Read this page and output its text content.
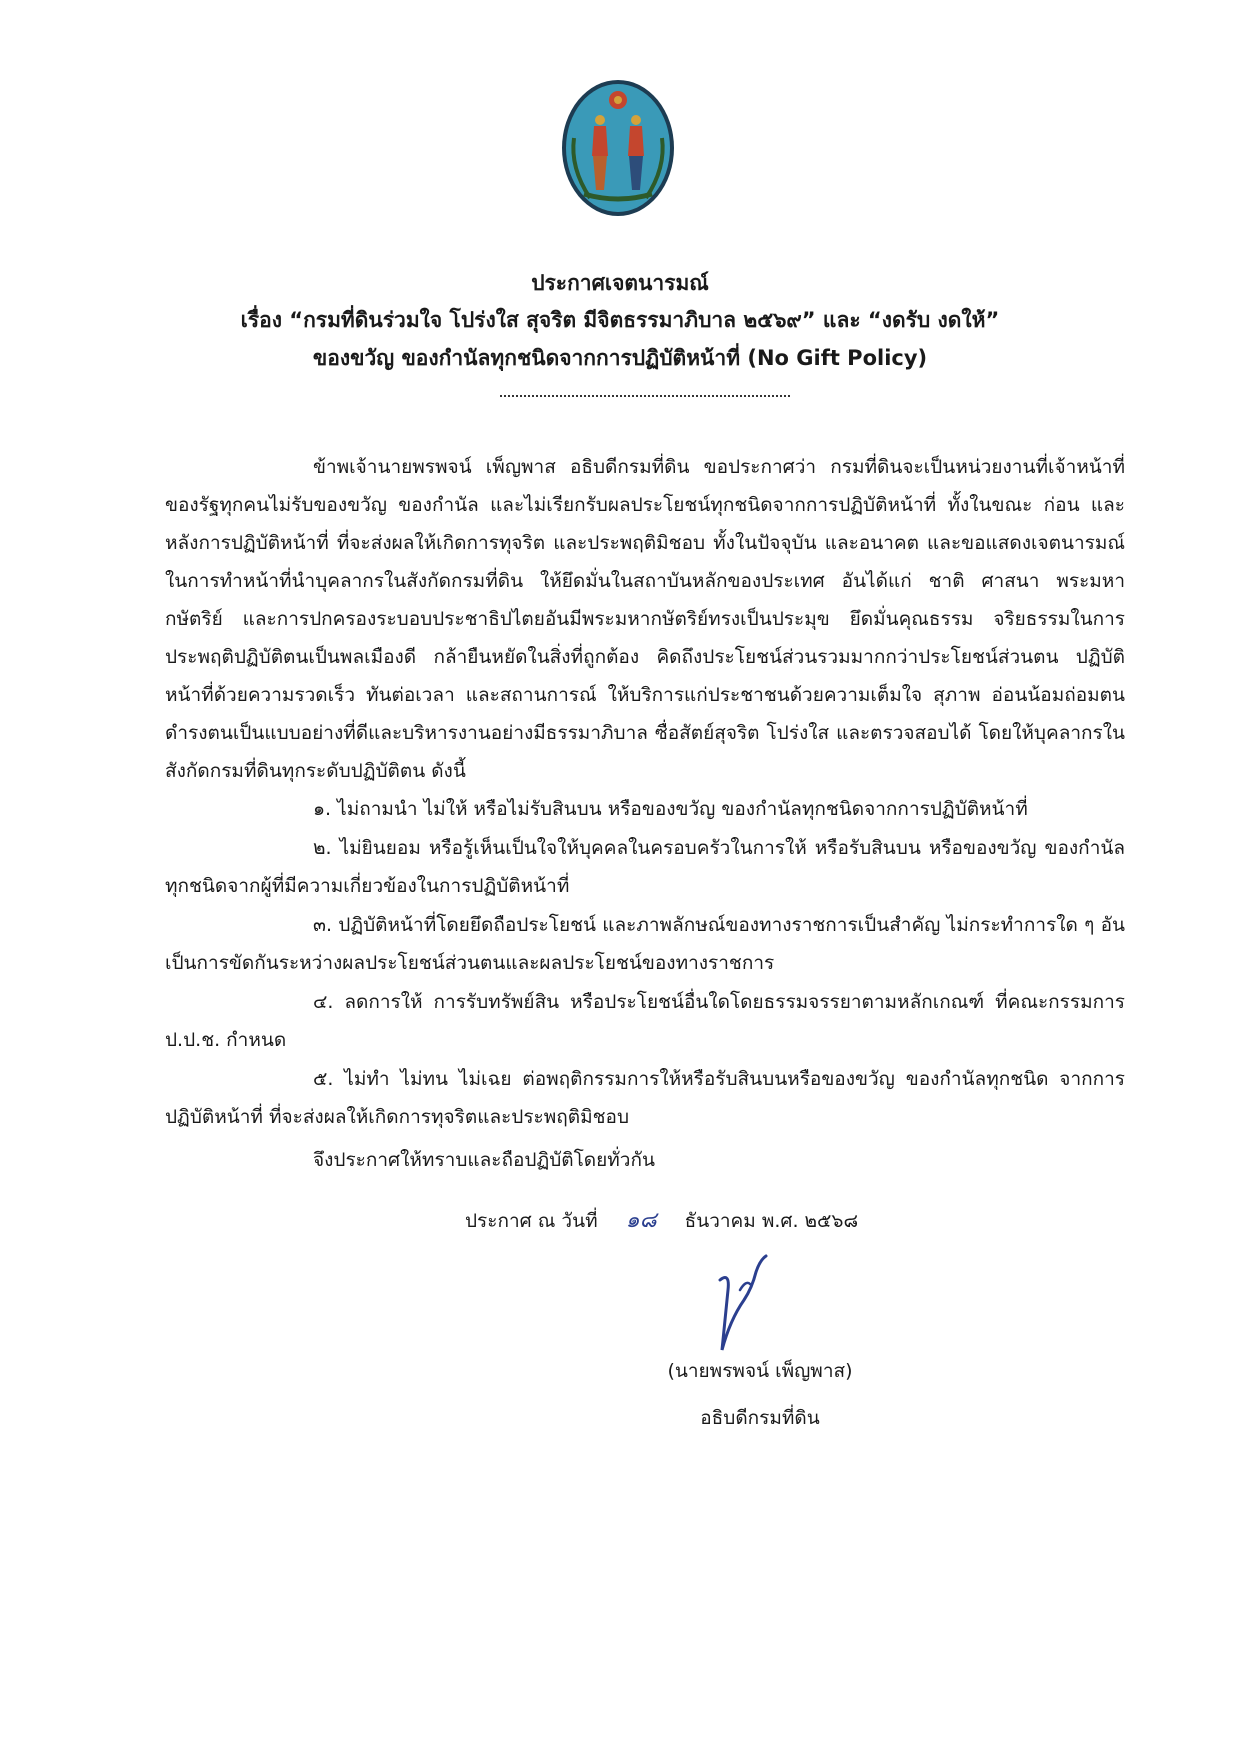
ประกาศเจตนารมณ์
เรื่อง “กรมที่ดินร่วมใจ โปร่งใส สุจริต มีจิตธรรมาภิบาล ๒๕๖๙” และ “งดรับ งดให้”
ของขวัญ ของกำนัลทุกชนิดจากการปฏิบัติหน้าที่ (No Gift Policy)
ข้าพเจ้านายพรพจน์ เพ็ญพาส อธิบดีกรมที่ดิน ขอประกาศว่า กรมที่ดินจะเป็นหน่วยงานที่เจ้าหน้าที่ของรัฐทุกคนไม่รับของขวัญ ของกำนัล และไม่เรียกรับผลประโยชน์ทุกชนิดจากการปฏิบัติหน้าที่ ทั้งในขณะ ก่อน และหลังการปฏิบัติหน้าที่ ที่จะส่งผลให้เกิดการทุจริต และประพฤติมิชอบ ทั้งในปัจจุบัน และอนาคต และขอแสดงเจตนารมณ์ในการทำหน้าที่นำบุคลากรในสังกัดกรมที่ดิน ให้ยึดมั่นในสถาบันหลักของประเทศ อันได้แก่ ชาติ ศาสนา พระมหากษัตริย์ และการปกครองระบอบประชาธิปไตยอันมีพระมหากษัตริย์ทรงเป็นประมุข ยึดมั่นคุณธรรม จริยธรรมในการประพฤติปฏิบัติตนเป็นพลเมืองดี กล้ายืนหยัดในสิ่งที่ถูกต้อง คิดถึงประโยชน์ส่วนรวมมากกว่าประโยชน์ส่วนตน ปฏิบัติหน้าที่ด้วยความรวดเร็ว ทันต่อเวลา และสถานการณ์ ให้บริการแก่ประชาชนด้วยความเต็มใจ สุภาพ อ่อนน้อมถ่อมตน ดำรงตนเป็นแบบอย่างที่ดีและบริหารงานอย่างมีธรรมาภิบาล ซื่อสัตย์สุจริต โปร่งใส และตรวจสอบได้ โดยให้บุคลากรในสังกัดกรมที่ดินทุกระดับปฏิบัติตน ดังนี้
๑. ไม่ถามนำ ไม่ให้ หรือไม่รับสินบน หรือของขวัญ ของกำนัลทุกชนิดจากการปฏิบัติหน้าที่
๒. ไม่ยินยอม หรือรู้เห็นเป็นใจให้บุคคลในครอบครัวในการให้ หรือรับสินบน หรือของขวัญ ของกำนัลทุกชนิดจากผู้ที่มีความเกี่ยวข้องในการปฏิบัติหน้าที่
๓. ปฏิบัติหน้าที่โดยยึดถือประโยชน์ และภาพลักษณ์ของทางราชการเป็นสำคัญ ไม่กระทำการใด ๆ อันเป็นการขัดกันระหว่างผลประโยชน์ส่วนตนและผลประโยชน์ของทางราชการ
๔. ลดการให้ การรับทรัพย์สิน หรือประโยชน์อื่นใดโดยธรรมจรรยาตามหลักเกณฑ์ ที่คณะกรรมการ ป.ป.ช. กำหนด
๕. ไม่ทำ ไม่ทน ไม่เฉย ต่อพฤติกรรมการให้หรือรับสินบนหรือของขวัญ ของกำนัลทุกชนิด จากการปฏิบัติหน้าที่ ที่จะส่งผลให้เกิดการทุจริตและประพฤติมิชอบ
จึงประกาศให้ทราบและถือปฏิบัติโดยทั่วกัน
ประกาศ ณ วันที่ ๑๘ ธันวาคม พ.ศ. ๒๕๖๘
(นายพรพจน์ เพ็ญพาส)
อธิบดีกรมที่ดิน
